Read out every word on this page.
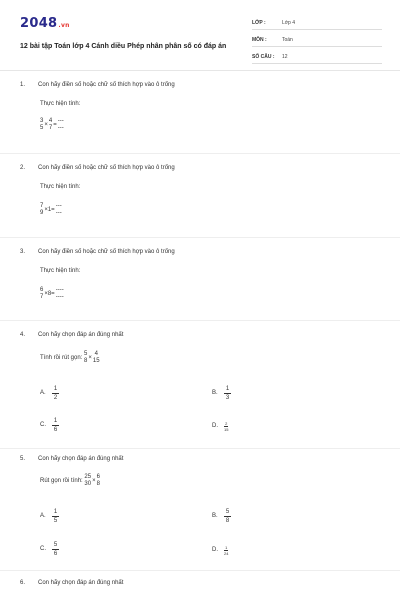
2048.vn
12 bài tập Toán lớp 4 Cánh diều Phép nhân phân số có đáp án
LỚP :	Lớp 4
MÔN :	Toán
SỐ CÂU :	12
1.	Con hãy điền số hoặc chữ số thích hợp vào ô trống
Thực hiện tính:
3
5 ×
4
7 =
---
---
2.	Con hãy điền số hoặc chữ số thích hợp vào ô trống
Thực hiện tính:
7
9 ×1=
---
---
3.	Con hãy điền số hoặc chữ số thích hợp vào ô trống
Thực hiện tính:
6
7 ×8=
----
----
4.	Con hãy chọn đáp án đúng nhất
Tính rồi rút gọn:
5
8 ×
4
15
A.
1
2
B.
1
3
C.
1
6
D.	2
15
5.	Con hãy chọn đáp án đúng nhất
Rút gọn rồi tính:
25
30 ×
6
8
A.
1
5
B.
5
8
C.
5
6
D.	1
24
6.	Con hãy chọn đáp án đúng nhất
